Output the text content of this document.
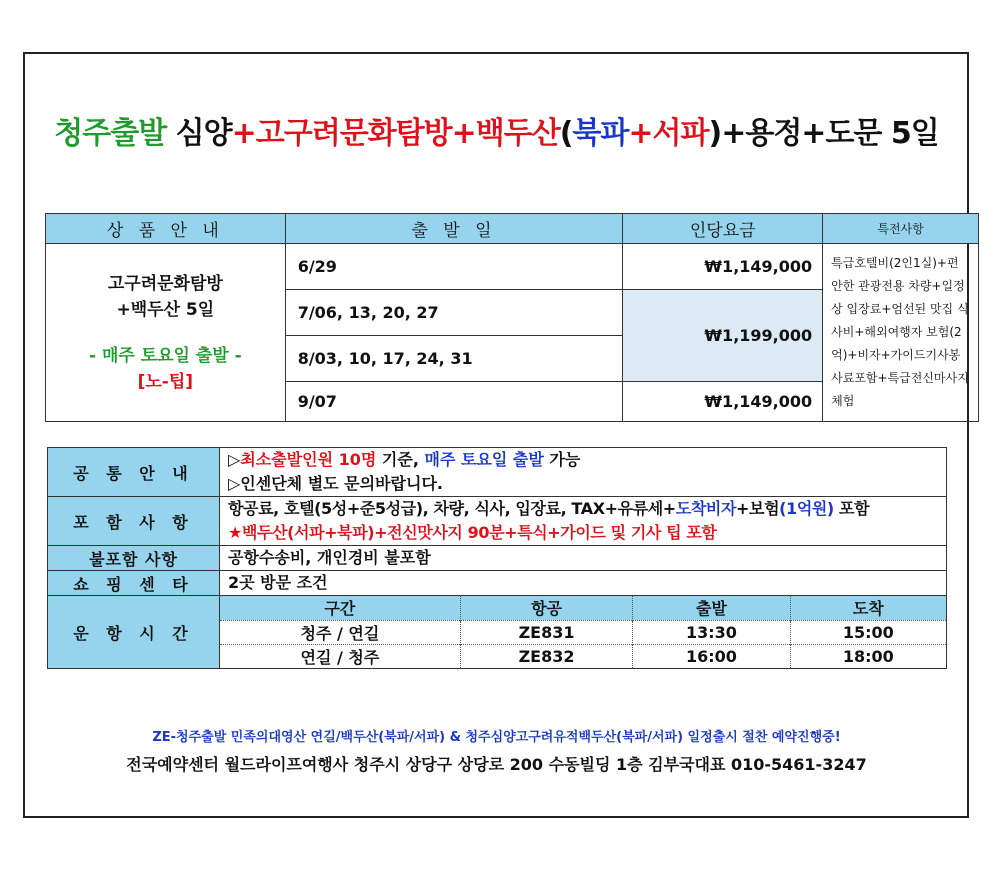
청주출발 심양+고구려문화탐방+백두산(북파+서파)+용정+도문 5일
상 품 안 내	출 발 일	인당요금	특전사항

고구려문화탐방
+백두산 5일
- 매주 토요일 출발 -
[노-팁]	6/29	₩1,149,000	특급호텔비(2인1실)+편안한 관광전용 차량+일정상 입장료+엄선된 맛집 식사비+해외여행자 보험(2억)+비자+가이드기사봉사료포함+특급전신마사지체험
	7/06, 13, 20, 27	₩1,199,000	
	8/03, 10, 17, 24, 31		
	9/07	₩1,149,000	
공 통 안 내	
▷최소출발인원 10명 기준, 매주 토요일 출발 가능
▷인센단체 별도 문의바랍니다.

포 함 사 항	
항공료, 호텔(5성+준5성급), 차량, 식사, 입장료, TAX+유류세+도착비자+보험(1억원) 포함
★백두산(서파+북파)+전신맛사지 90분+특식+가이드 및 기사 팁 포함

불포함 사항	공항수송비, 개인경비 불포함
쇼 핑 센 타	2곳 방문 조건
운 항 시 간	
구간	항공	출발	도착
청주 / 연길	ZE831	13:30	15:00
연길 / 청주	ZE832	16:00	18:00
ZE-청주출발 민족의대영산 연길/백두산(북파/서파) & 청주심양고구려유적백두산(북파/서파) 일정출시 절찬 예약진행중!
전국예약센터 월드라이프여행사 청주시 상당구 상당로 200 수동빌딩 1층 김부국대표 010-5461-3247
